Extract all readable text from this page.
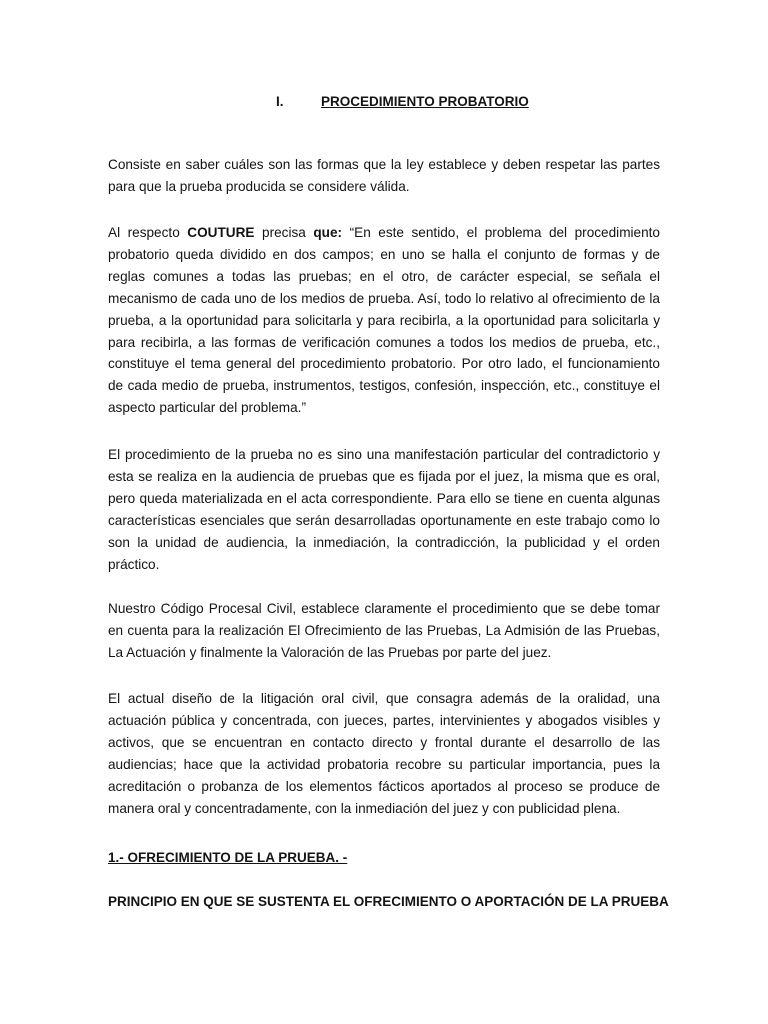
I.	PROCEDIMIENTO PROBATORIO

Consiste en saber cuáles son las formas que la ley establece y deben respetar las partes para que la prueba producida se considere válida.

Al respecto COUTURE precisa que: “En este sentido, el problema del procedimiento probatorio queda dividido en dos campos; en uno se halla el conjunto de formas y de reglas comunes a todas las pruebas; en el otro, de carácter especial, se señala el mecanismo de cada uno de los medios de prueba. Así, todo lo relativo al ofrecimiento de la prueba, a la oportunidad para solicitarla y para recibirla, a la oportunidad para solicitarla y para recibirla, a las formas de verificación comunes a todos los medios de prueba, etc., constituye el tema general del procedimiento probatorio. Por otro lado, el funcionamiento de cada medio de prueba, instrumentos, testigos, confesión, inspección, etc., constituye el aspecto particular del problema.”

El procedimiento de la prueba no es sino una manifestación particular del contradictorio y esta se realiza en la audiencia de pruebas que es fijada por el juez, la misma que es oral, pero queda materializada en el acta correspondiente. Para ello se tiene en cuenta algunas características esenciales que serán desarrolladas oportunamente en este trabajo como lo son la unidad de audiencia, la inmediación, la contradicción, la publicidad y el orden práctico.

Nuestro Código Procesal Civil, establece claramente el procedimiento que se debe tomar en cuenta para la realización El Ofrecimiento de las Pruebas, La Admisión de las Pruebas, La Actuación y finalmente la Valoración de las Pruebas por parte del juez.

El actual diseño de la litigación oral civil, que consagra además de la oralidad, una actuación pública y concentrada, con jueces, partes, intervinientes y abogados visibles y activos, que se encuentran en contacto directo y frontal durante el desarrollo de las audiencias; hace que la actividad probatoria recobre su particular importancia, pues la acreditación o probanza de los elementos fácticos aportados al proceso se produce de manera oral y concentradamente, con la inmediación del juez y con publicidad plena.

1.- OFRECIMIENTO DE LA PRUEBA. -
PRINCIPIO EN QUE SE SUSTENTA EL OFRECIMIENTO O APORTACIÓN DE LA PRUEBA
